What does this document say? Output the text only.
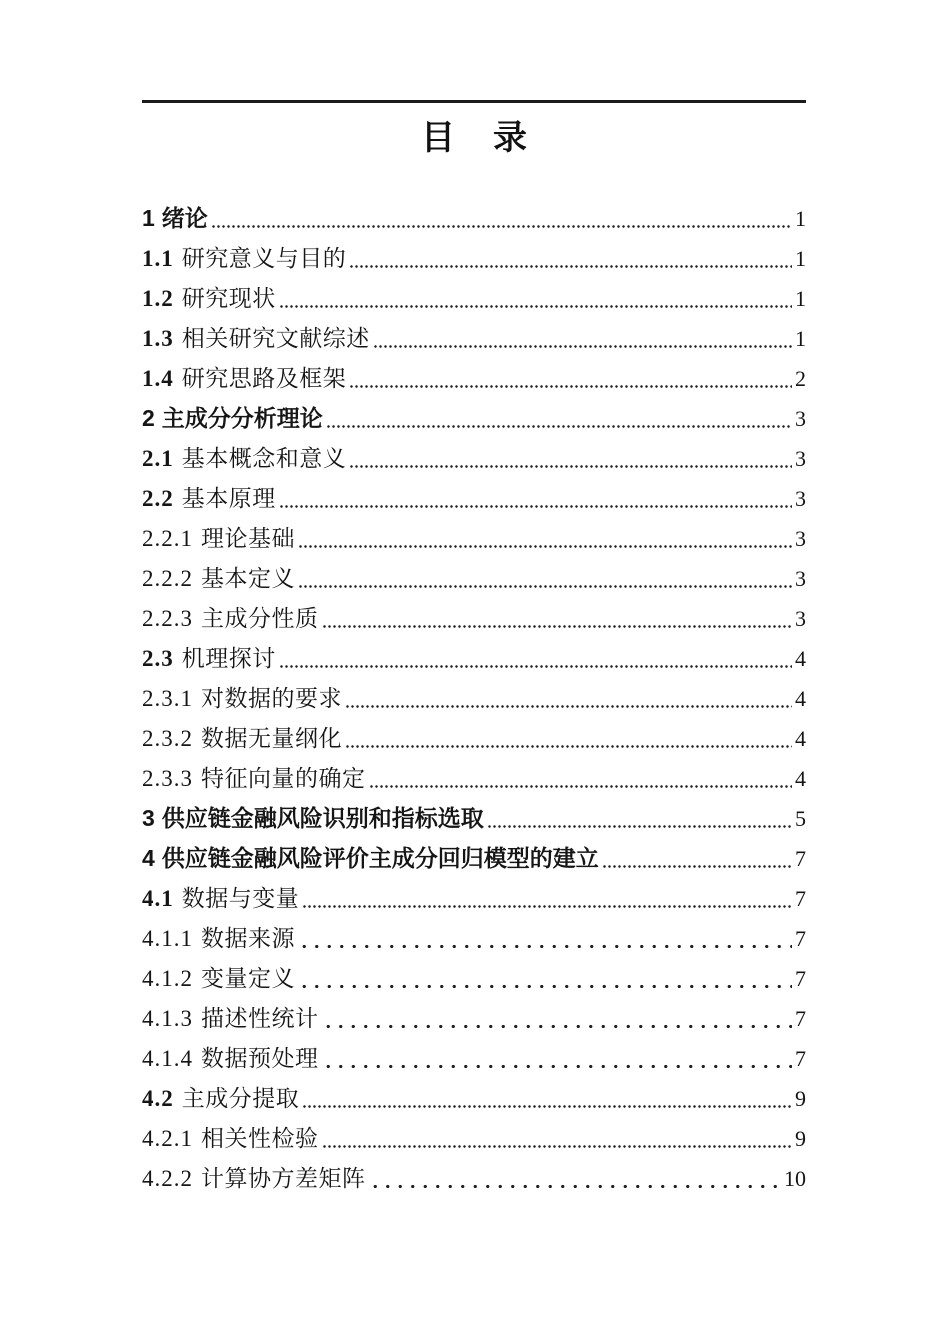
目　录
1 绪论	1
1.1 研究意义与目的	1
1.2 研究现状	1
1.3 相关研究文献综述	1
1.4 研究思路及框架	2
2 主成分分析理论	3
2.1 基本概念和意义	3
2.2 基本原理	3
2.2.1 理论基础	3
2.2.2 基本定义	3
2.2.3 主成分性质	3
2.3 机理探讨	4
2.3.1 对数据的要求	4
2.3.2 数据无量纲化	4
2.3.3 特征向量的确定	4
3 供应链金融风险识别和指标选取	5
4 供应链金融风险评价主成分回归模型的建立	7
4.1 数据与变量	7
4.1.1 数据来源	7
4.1.2 变量定义	7
4.1.3 描述性统计	7
4.1.4 数据预处理	7
4.2 主成分提取	9
4.2.1 相关性检验	9
4.2.2 计算协方差矩阵	10
